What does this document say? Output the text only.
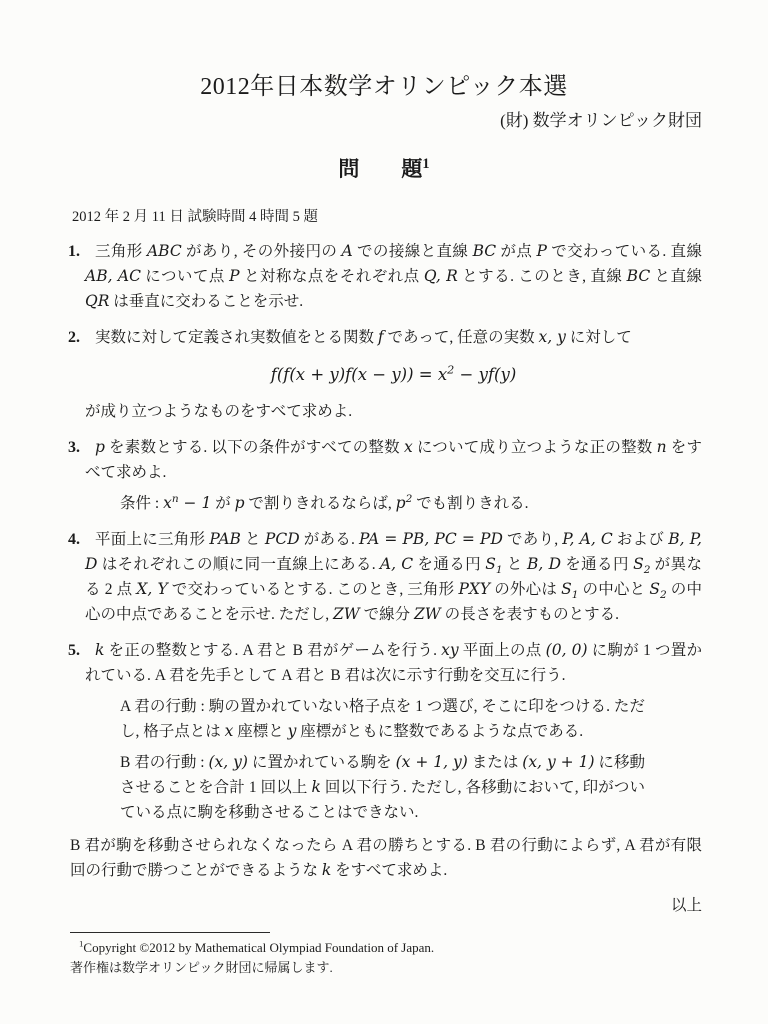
2012年日本数学オリンピック本選
(財) 数学オリンピック財団
問　　題$^1$
2012 年 2 月 11 日 試験時間 4 時間 5 題
1. 三角形 ABC があり, その外接円の A での接線と直線 BC が点 P で交わっている. 直線 AB, AC について点 P と対称な点をそれぞれ点 Q, R とする. このとき, 直線 BC と直線 QR は垂直に交わることを示せ.

2. 実数に対して定義され実数値をとる関数 f であって, 任意の実数 x, y に対して

$f(f(x + y)f(x - y)) = x^2 - yf(y)$

が成り立つようなものをすべて求めよ.

3. p を素数とする. 以下の条件がすべての整数 x について成り立つような正の整数 n をすべて求めよ.

条件 : $x^n - 1$ が p で割りきれるならば, $p^2$ でも割りきれる.

4. 平面上に三角形 PAB と PCD がある. PA = PB, PC = PD であり, P, A, C および B, P, D はそれぞれこの順に同一直線上にある. A, C を通る円 $S_1$ と B, D を通る円 $S_2$ が異なる 2 点 X, Y で交わっているとする. このとき, 三角形 PXY の外心は $S_1$ の中心と $S_2$ の中心の中点であることを示せ. ただし, ZW で線分 ZW の長さを表すものとする.

5. k を正の整数とする. A 君と B 君がゲームを行う. xy 平面上の点 (0, 0) に駒が 1 つ置かれている. A 君を先手として A 君と B 君は次に示す行動を交互に行う.

A 君の行動 : 駒の置かれていない格子点を 1 つ選び, そこに印をつける. ただし, 格子点とは x 座標と y 座標がともに整数であるような点である.

B 君の行動 : (x, y) に置かれている駒を (x + 1, y) または (x, y + 1) に移動させることを合計 1 回以上 k 回以下行う. ただし, 各移動において, 印がついている点に駒を移動させることはできない.

B 君が駒を移動させられなくなったら A 君の勝ちとする. B 君の行動によらず, A 君が有限回の行動で勝つことができるような k をすべて求めよ.

以上
$^1$Copyright ©2012 by Mathematical Olympiad Foundation of Japan.
著作権は数学オリンピック財団に帰属します.
